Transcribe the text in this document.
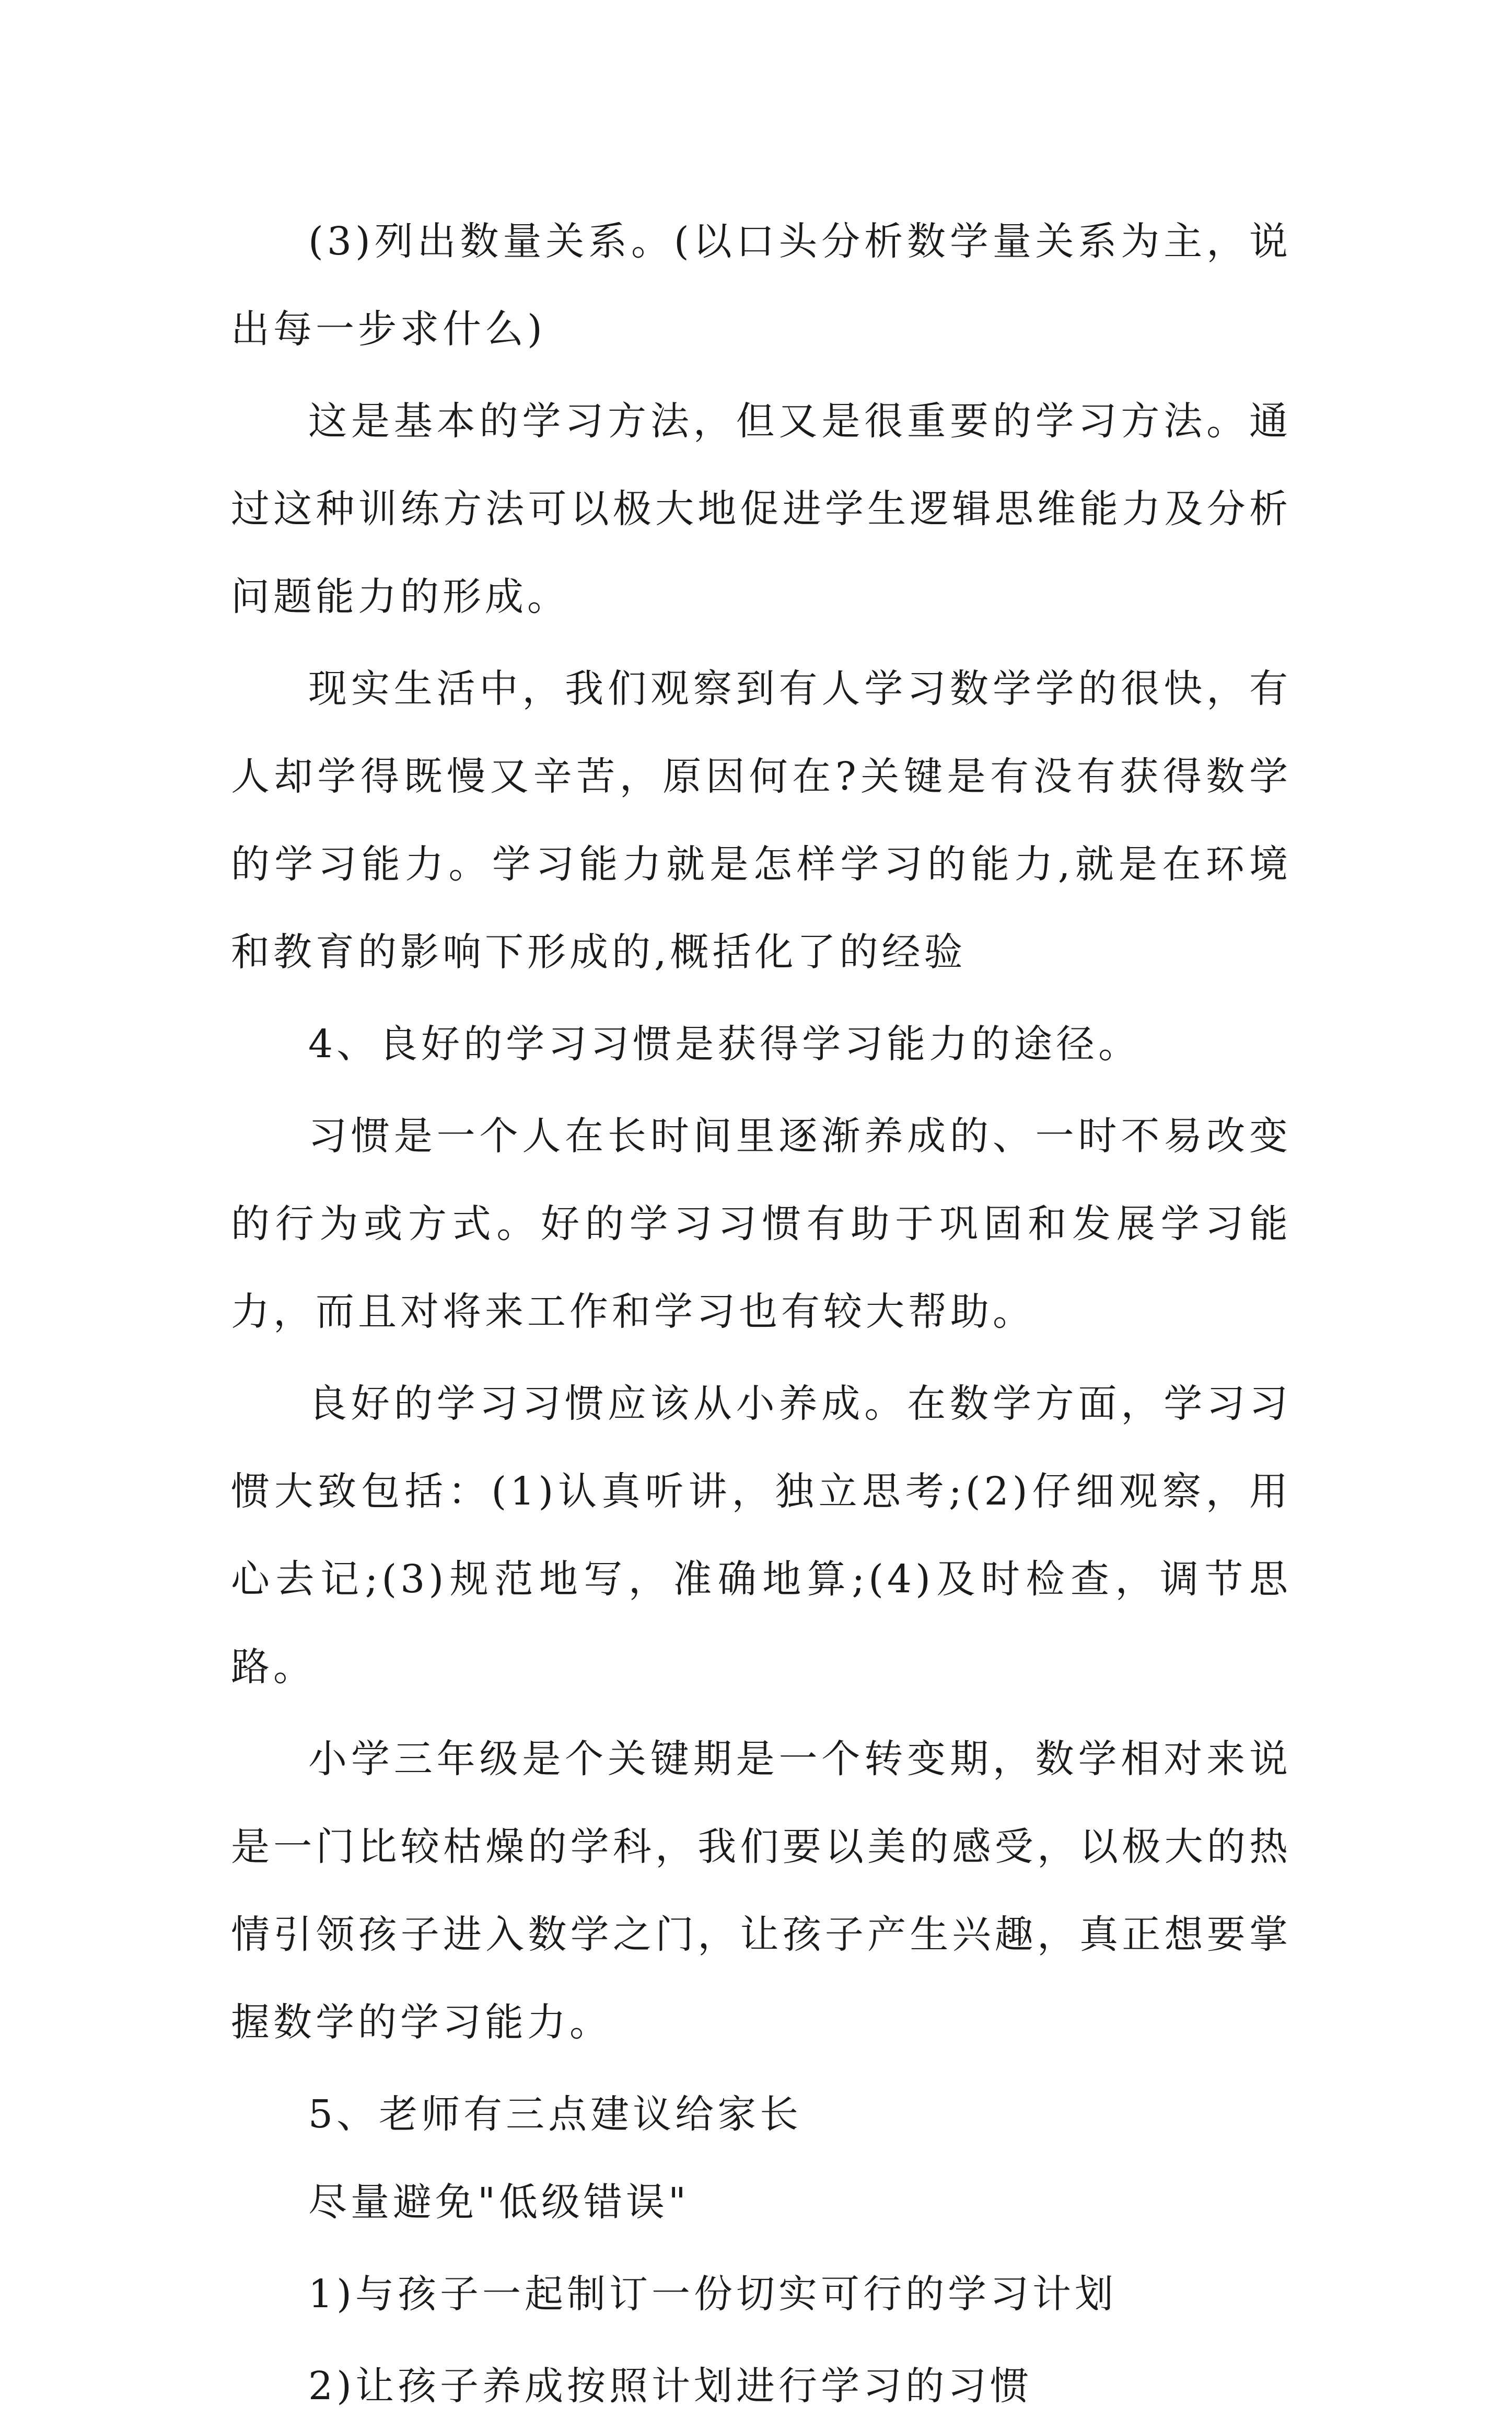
(3)列出数量关系。(以口头分析数学量关系为主，说出每一步求什么)

这是基本的学习方法，但又是很重要的学习方法。通过这种训练方法可以极大地促进学生逻辑思维能力及分析问题能力的形成。

现实生活中，我们观察到有人学习数学学的很快，有人却学得既慢又辛苦，原因何在?关键是有没有获得数学的学习能力。学习能力就是怎样学习的能力,就是在环境和教育的影响下形成的,概括化了的经验

4、良好的学习习惯是获得学习能力的途径。

习惯是一个人在长时间里逐渐养成的、一时不易改变的行为或方式。好的学习习惯有助于巩固和发展学习能力，而且对将来工作和学习也有较大帮助。

良好的学习习惯应该从小养成。在数学方面，学习习惯大致包括：(1)认真听讲，独立思考;(2)仔细观察，用心去记;(3)规范地写，准确地算;(4)及时检查，调节思路。

小学三年级是个关键期是一个转变期，数学相对来说是一门比较枯燥的学科，我们要以美的感受，以极大的热情引领孩子进入数学之门，让孩子产生兴趣，真正想要掌握数学的学习能力。

5、老师有三点建议给家长

尽量避免"低级错误"

1)与孩子一起制订一份切实可行的学习计划

2)让孩子养成按照计划进行学习的习惯
